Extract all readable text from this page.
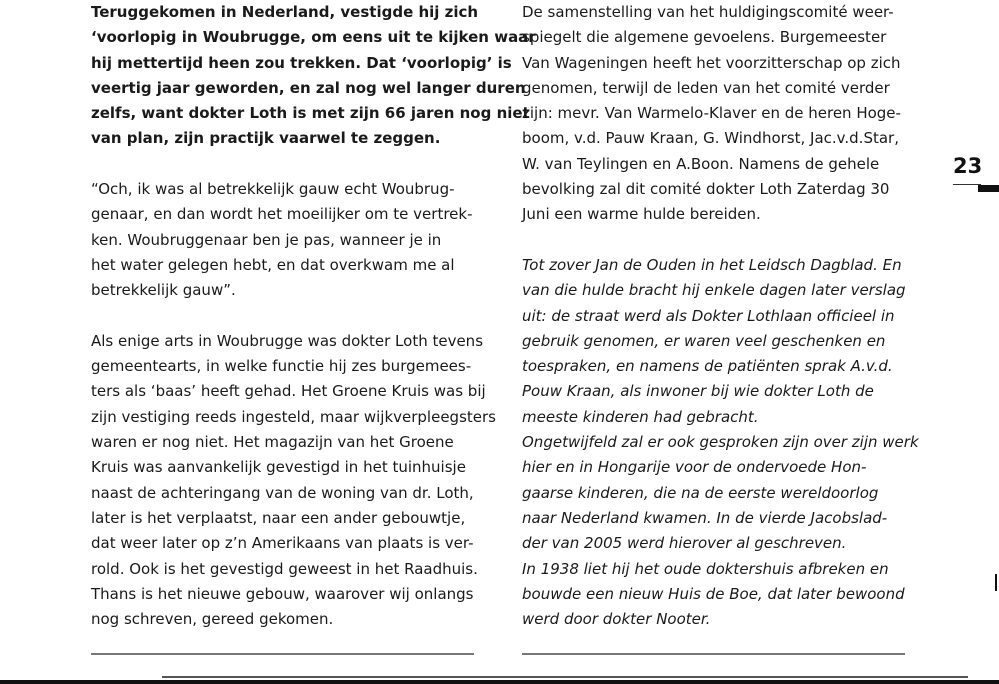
Teruggekomen in Nederland, vestigde hij zich
‘voorlopig in Woubrugge, om eens uit te kijken waar
hij mettertijd heen zou trekken. Dat ‘voorlopig’ is
veertig jaar geworden, en zal nog wel langer duren
zelfs, want dokter Loth is met zijn 66 jaren nog niet
van plan, zijn practijk vaarwel te zeggen.
“Och, ik was al betrekkelijk gauw echt Woubrug-
genaar, en dan wordt het moeilijker om te vertrek-
ken. Woubruggenaar ben je pas, wanneer je in
het water gelegen hebt, en dat overkwam me al
betrekkelijk gauw”.
Als enige arts in Woubrugge was dokter Loth tevens
gemeentearts, in welke functie hij zes burgemees-
ters als ‘baas’ heeft gehad. Het Groene Kruis was bij
zijn vestiging reeds ingesteld, maar wijkverpleegsters
waren er nog niet. Het magazijn van het Groene
Kruis was aanvankelijk gevestigd in het tuinhuisje
naast de achteringang van de woning van dr. Loth,
later is het verplaatst, naar een ander gebouwtje,
dat weer later op z’n Amerikaans van plaats is ver-
rold. Ook is het gevestigd geweest in het Raadhuis.
Thans is het nieuwe gebouw, waarover wij onlangs
nog schreven, gereed gekomen.
De samenstelling van het huldigingscomité weer-
spiegelt die algemene gevoelens. Burgemeester
Van Wageningen heeft het voorzitterschap op zich
genomen, terwijl de leden van het comité verder
zijn: mevr. Van Warmelo-Klaver en de heren Hoge-
boom, v.d. Pauw Kraan, G. Windhorst, Jac.v.d.Star,
W. van Teylingen en A.Boon. Namens de gehele
bevolking zal dit comité dokter Loth Zaterdag 30
Juni een warme hulde bereiden.
Tot zover Jan de Ouden in het Leidsch Dagblad. En
van die hulde bracht hij enkele dagen later verslag
uit: de straat werd als Dokter Lothlaan officieel in
gebruik genomen, er waren veel geschenken en
toespraken, en namens de patiënten sprak A.v.d.
Pouw Kraan, als inwoner bij wie dokter Loth de
meeste kinderen had gebracht.
Ongetwijfeld zal er ook gesproken zijn over zijn werk
hier en in Hongarije voor de ondervoede Hon-
gaarse kinderen, die na de eerste wereldoorlog
naar Nederland kwamen. In de vierde Jacobslad-
der van 2005 werd hierover al geschreven.
In 1938 liet hij het oude doktershuis afbreken en
bouwde een nieuw Huis de Boe, dat later bewoond
werd door dokter Nooter.
23
